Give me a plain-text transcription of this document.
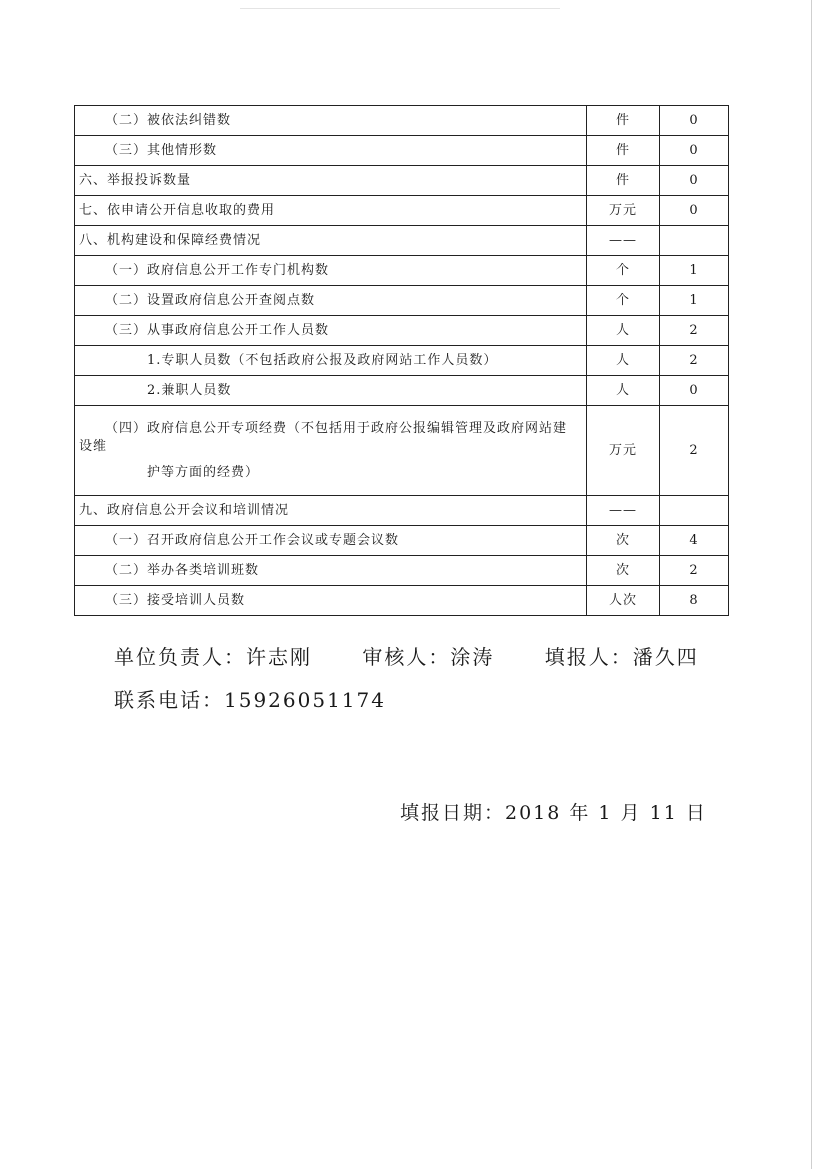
（二）被依法纠错数	件	0
（三）其他情形数	件	0
六、举报投诉数量	件	0
七、依申请公开信息收取的费用	万元	0
八、机构建设和保障经费情况	——	
（一）政府信息公开工作专门机构数	个	1
（二）设置政府信息公开查阅点数	个	1
（三）从事政府信息公开工作人员数	人	2
1.专职人员数（不包括政府公报及政府网站工作人员数）	人	2
2.兼职人员数	人	0

（四）政府信息公开专项经费（不包括用于政府公报编辑管理及政府网站建
设维
护等方面的经费）	万元	2
九、政府信息公开会议和培训情况	——	
（一）召开政府信息公开工作会议或专题会议数	次	4
（二）举办各类培训班数	次	2
（三）接受培训人员数	人次	8
单位负责人：许志刚	审核人：涂涛	填报人：潘久四
联系电话：15926051174
填报日期：2018 年 1 月 11 日
